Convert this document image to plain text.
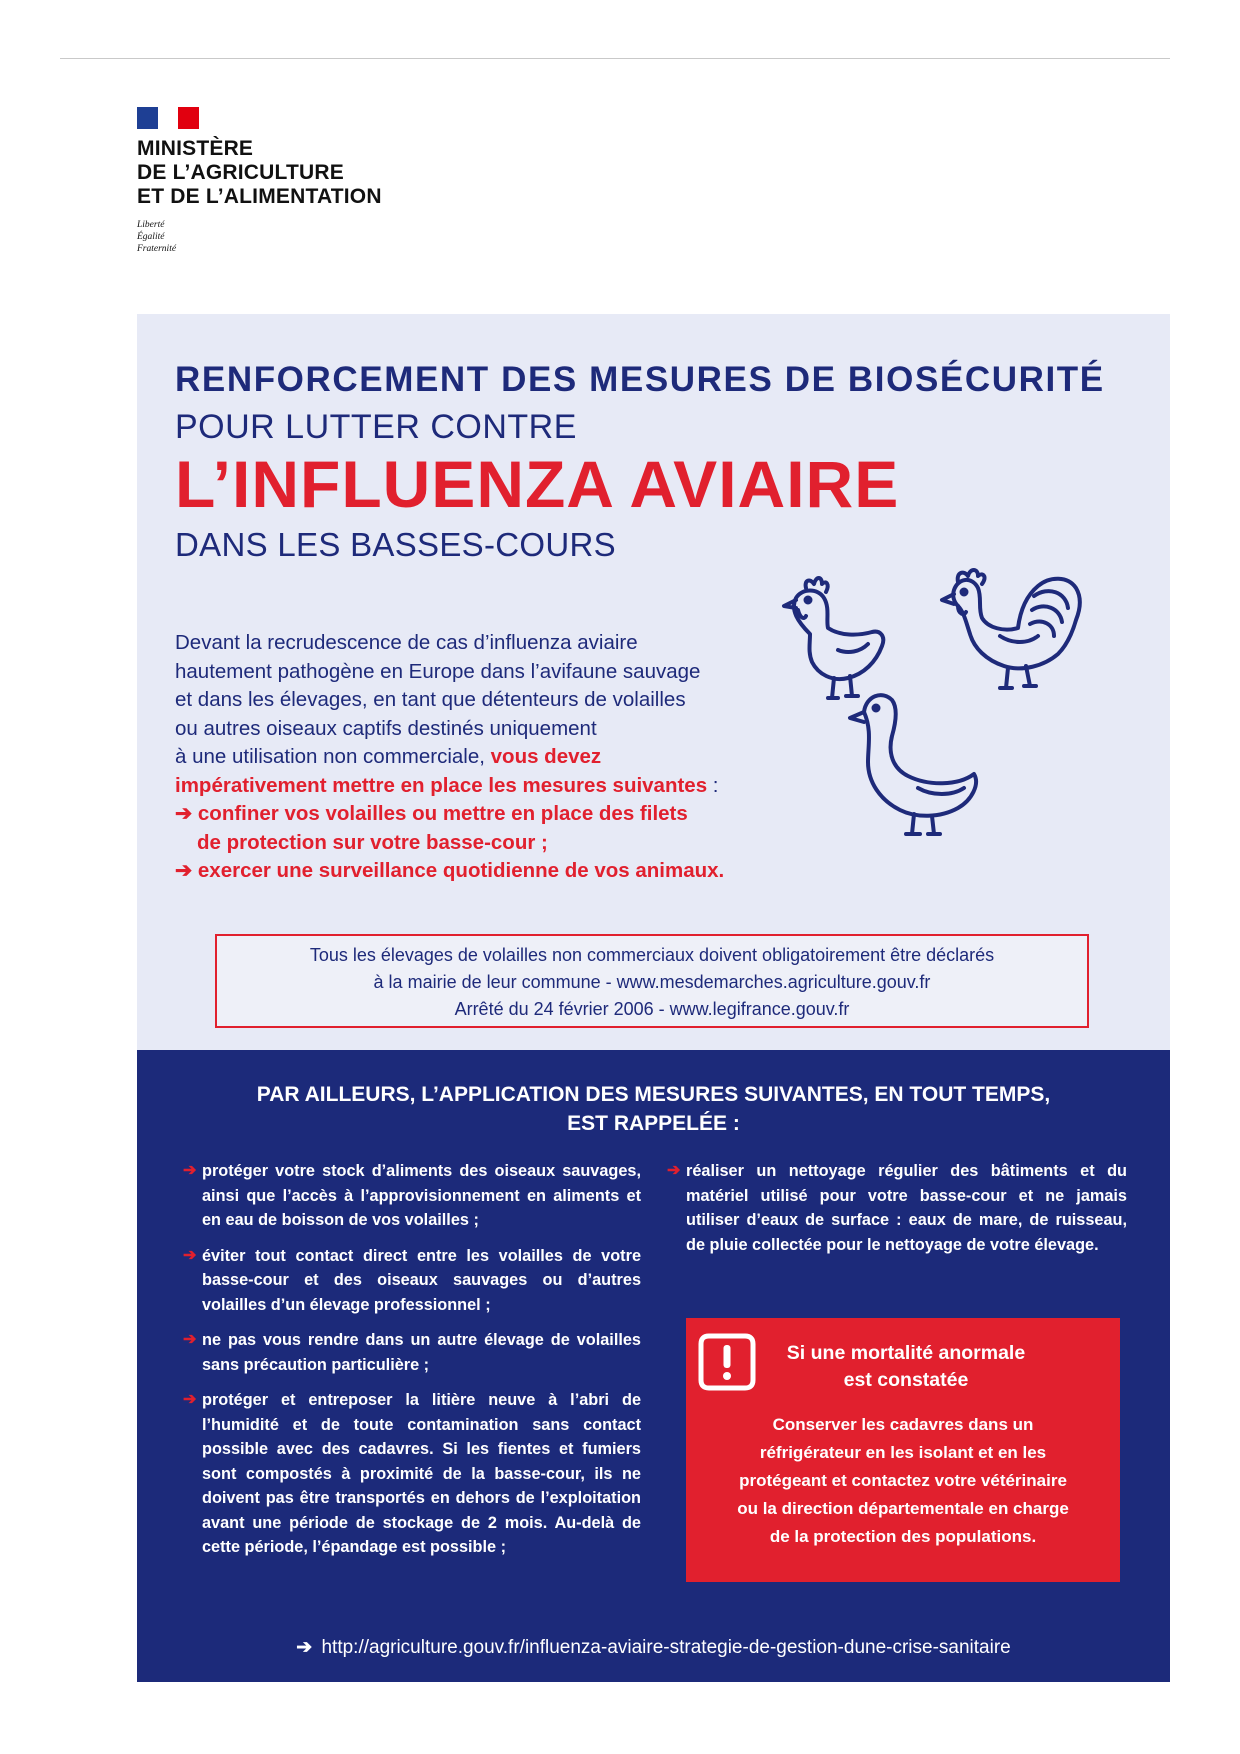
MINISTÈRE
DE L’AGRICULTURE
ET DE L’ALIMENTATION
Liberté
Égalité
Fraternité
RENFORCEMENT DES MESURES DE BIOSÉCURITÉ
POUR LUTTER CONTRE
L’INFLUENZA AVIAIRE
DANS LES BASSES-COURS
Devant la recrudescence de cas d’influenza aviaire
hautement pathogène en Europe dans l’avifaune sauvage
et dans les élevages, en tant que détenteurs de volailles
ou autres oiseaux captifs destinés uniquement
à une utilisation non commerciale, vous devez
impérativement mettre en place les mesures suivantes :
➔ confiner vos volailles ou mettre en place des filets
de protection sur votre basse-cour ;
➔ exercer une surveillance quotidienne de vos animaux.
Tous les élevages de volailles non commerciaux doivent obligatoirement être déclarés
à la mairie de leur commune - www.mesdemarches.agriculture.gouv.fr
Arrêté du 24 février 2006 - www.legifrance.gouv.fr
PAR AILLEURS, L’APPLICATION DES MESURES SUIVANTES, EN TOUT TEMPS,
EST RAPPELÉE :
➔ protéger votre stock d’aliments des oiseaux sauvages, ainsi que l’accès à l’approvisionnement en aliments et en eau de boisson de vos volailles ;
➔ éviter tout contact direct entre les volailles de votre basse-cour et des oiseaux sauvages ou d’autres volailles d’un élevage professionnel ;
➔ ne pas vous rendre dans un autre élevage de volailles sans précaution particulière ;
➔ protéger et entreposer la litière neuve à l’abri de l’humidité et de toute contamination sans contact possible avec des cadavres. Si les fientes et fumiers sont compostés à proximité de la basse-cour, ils ne doivent pas être transportés en dehors de l’exploitation avant une période de stockage de 2 mois. Au-delà de cette période, l’épandage est possible ;
➔ réaliser un nettoyage régulier des bâtiments et du matériel utilisé pour votre basse-cour et ne jamais utiliser d’eaux de surface : eaux de mare, de ruisseau, de pluie collectée pour le nettoyage de votre élevage.
Si une mortalité anormale
est constatée
Conserver les cadavres dans un
réfrigérateur en les isolant et en les
protégeant et contactez votre vétérinaire
ou la direction départementale en charge
de la protection des populations.
➔ http://agriculture.gouv.fr/influenza-aviaire-strategie-de-gestion-dune-crise-sanitaire
